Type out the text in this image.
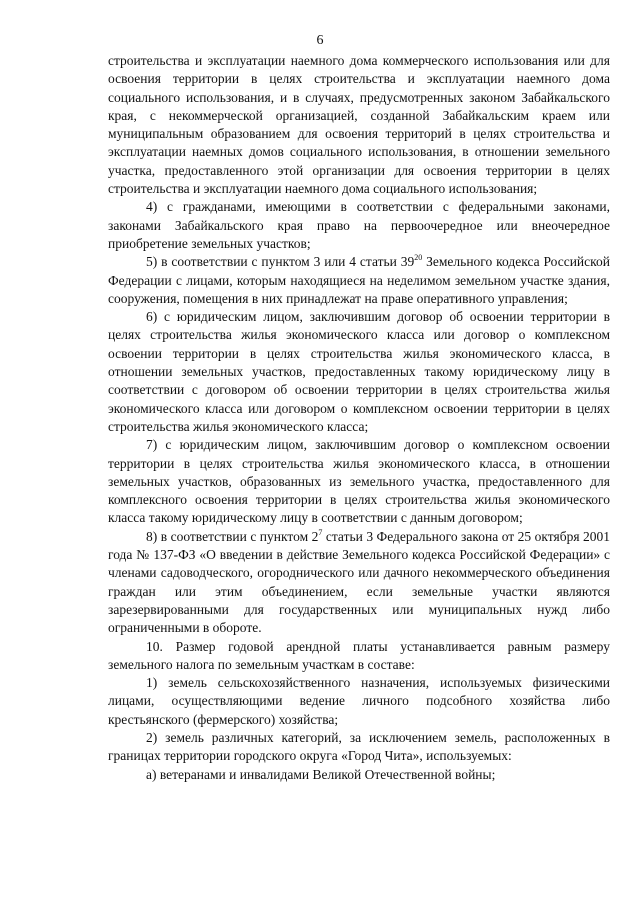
6

строительства и эксплуатации наемного дома коммерческого использования или для освоения территории в целях строительства и эксплуатации наемного дома социального использования, и в случаях, предусмотренных законом Забайкальского края, с некоммерческой организацией, созданной Забайкальским краем или муниципальным образованием для освоения территорий в целях строительства и эксплуатации наемных домов социального использования, в отношении земельного участка, предоставленного этой организации для освоения территории в целях строительства и эксплуатации наемного дома социального использования;

4) с гражданами, имеющими в соответствии с федеральными законами, законами Забайкальского края право на первоочередное или внеочередное приобретение земельных участков;

5) в соответствии с пунктом 3 или 4 статьи $39^{20}$ Земельного кодекса Российской Федерации с лицами, которым находящиеся на неделимом земельном участке здания, сооружения, помещения в них принадлежат на праве оперативного управления;

6) с юридическим лицом, заключившим договор об освоении территории в целях строительства жилья экономического класса или договор о комплексном освоении территории в целях строительства жилья экономического класса, в отношении земельных участков, предоставленных такому юридическому лицу в соответствии с договором об освоении территории в целях строительства жилья экономического класса или договором о комплексном освоении территории в целях строительства жилья экономического класса;

7) с юридическим лицом, заключившим договор о комплексном освоении территории в целях строительства жилья экономического класса, в отношении земельных участков, образованных из земельного участка, предоставленного для комплексного освоения территории в целях строительства жилья экономического класса такому юридическому лицу в соответствии с данным договором;

8) в соответствии с пунктом $2^7$ статьи 3 Федерального закона от 25 октября 2001 года № 137-ФЗ «О введении в действие Земельного кодекса Российской Федерации» с членами садоводческого, огороднического или дачного некоммерческого объединения граждан или этим объединением, если земельные участки являются зарезервированными для государственных или муниципальных нужд либо ограниченными в обороте.

10. Размер годовой арендной платы устанавливается равным размеру земельного налога по земельным участкам в составе:

1) земель сельскохозяйственного назначения, используемых физическими лицами, осуществляющими ведение личного подсобного хозяйства либо крестьянского (фермерского) хозяйства;

2) земель различных категорий, за исключением земель, расположенных в границах территории городского округа «Город Чита», используемых:

а) ветеранами и инвалидами Великой Отечественной войны;
